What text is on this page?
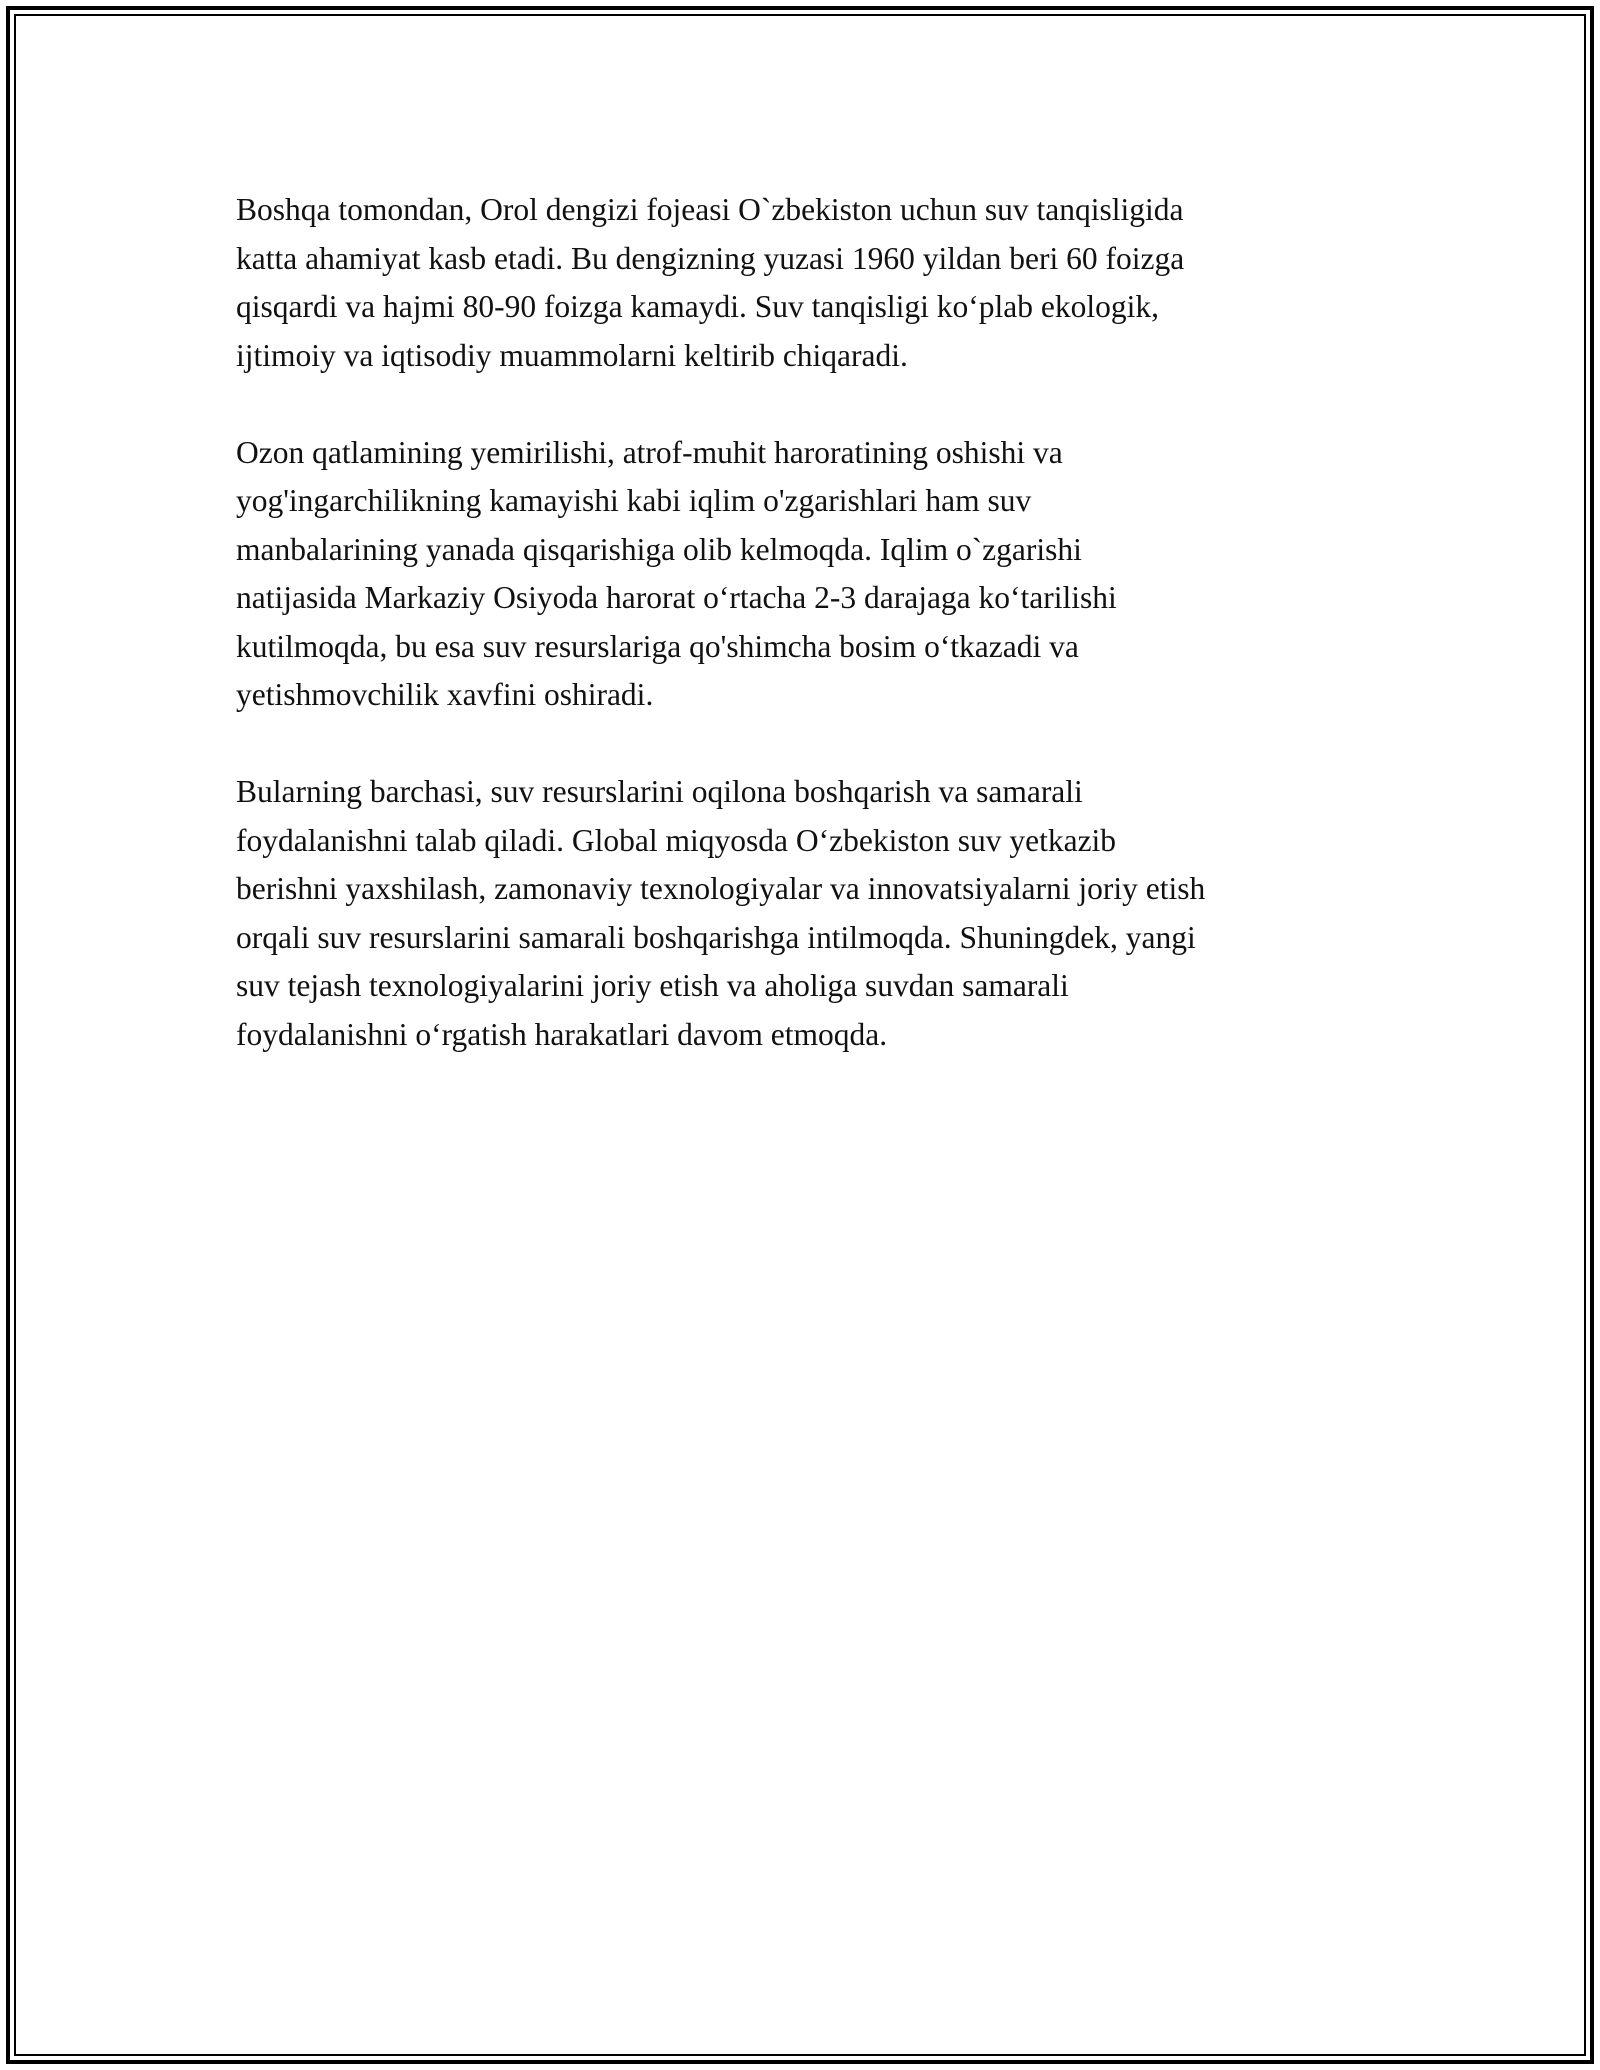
Boshqa tomondan, Orol dengizi fojeasi O`zbekiston uchun suv tanqisligida
katta ahamiyat kasb etadi. Bu dengizning yuzasi 1960 yildan beri 60 foizga
qisqardi va hajmi 80-90 foizga kamaydi. Suv tanqisligi ko‘plab ekologik,
ijtimoiy va iqtisodiy muammolarni keltirib chiqaradi.

Ozon qatlamining yemirilishi, atrof-muhit haroratining oshishi va
yog'ingarchilikning kamayishi kabi iqlim o'zgarishlari ham suv
manbalarining yanada qisqarishiga olib kelmoqda. Iqlim o`zgarishi
natijasida Markaziy Osiyoda harorat o‘rtacha 2-3 darajaga ko‘tarilishi
kutilmoqda, bu esa suv resurslariga qo'shimcha bosim o‘tkazadi va
yetishmovchilik xavfini oshiradi.

Bularning barchasi, suv resurslarini oqilona boshqarish va samarali
foydalanishni talab qiladi. Global miqyosda O‘zbekiston suv yetkazib
berishni yaxshilash, zamonaviy texnologiyalar va innovatsiyalarni joriy etish
orqali suv resurslarini samarali boshqarishga intilmoqda. Shuningdek, yangi
suv tejash texnologiyalarini joriy etish va aholiga suvdan samarali
foydalanishni o‘rgatish harakatlari davom etmoqda.
